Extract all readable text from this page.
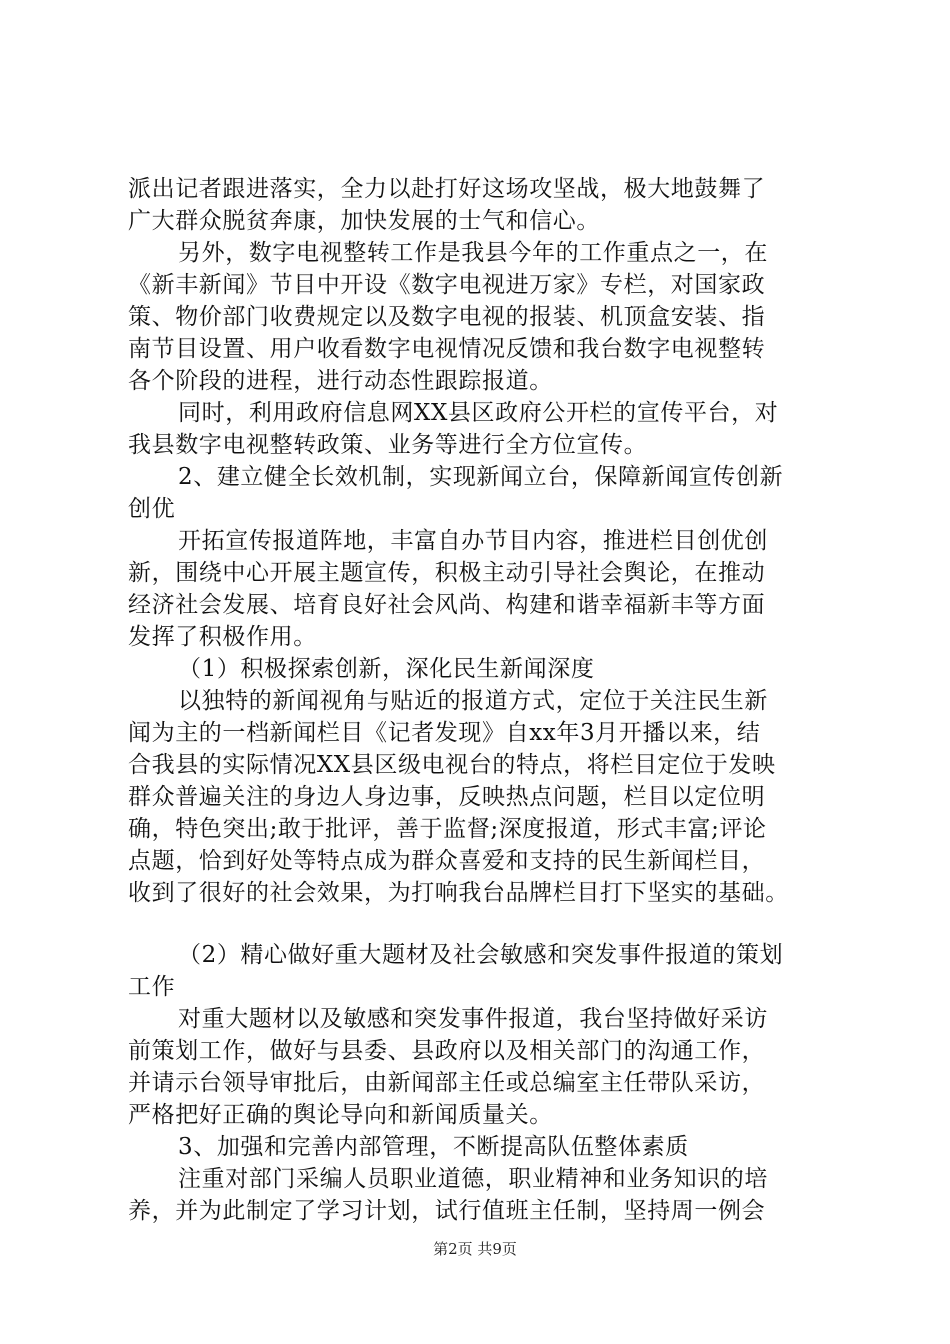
派出记者跟进落实，全力以赴打好这场攻坚战，极大地鼓舞了
广大群众脱贫奔康，加快发展的士气和信心。
另外，数字电视整转工作是我县今年的工作重点之一，在
《新丰新闻》节目中开设《数字电视进万家》专栏，对国家政
策、物价部门收费规定以及数字电视的报装、机顶盒安装、指
南节目设置、用户收看数字电视情况反馈和我台数字电视整转
各个阶段的进程，进行动态性跟踪报道。
同时，利用政府信息网XX县区政府公开栏的宣传平台，对
我县数字电视整转政策、业务等进行全方位宣传。
2、建立健全长效机制，实现新闻立台，保障新闻宣传创新
创优
开拓宣传报道阵地，丰富自办节目内容，推进栏目创优创
新，围绕中心开展主题宣传，积极主动引导社会舆论，在推动
经济社会发展、培育良好社会风尚、构建和谐幸福新丰等方面
发挥了积极作用。
（1）积极探索创新，深化民生新闻深度
以独特的新闻视角与贴近的报道方式，定位于关注民生新
闻为主的一档新闻栏目《记者发现》自xx年3月开播以来，结
合我县的实际情况XX县区级电视台的特点，将栏目定位于发映
群众普遍关注的身边人身边事，反映热点问题，栏目以定位明
确，特色突出;敢于批评，善于监督;深度报道，形式丰富;评论
点题，恰到好处等特点成为群众喜爱和支持的民生新闻栏目，
收到了很好的社会效果，为打响我台品牌栏目打下坚实的基础。
（2）精心做好重大题材及社会敏感和突发事件报道的策划
工作
对重大题材以及敏感和突发事件报道，我台坚持做好采访
前策划工作，做好与县委、县政府以及相关部门的沟通工作，
并请示台领导审批后，由新闻部主任或总编室主任带队采访，
严格把好正确的舆论导向和新闻质量关。
3、加强和完善内部管理，不断提高队伍整体素质
注重对部门采编人员职业道德，职业精神和业务知识的培
养，并为此制定了学习计划，试行值班主任制，坚持周一例会
第2页 共9页
